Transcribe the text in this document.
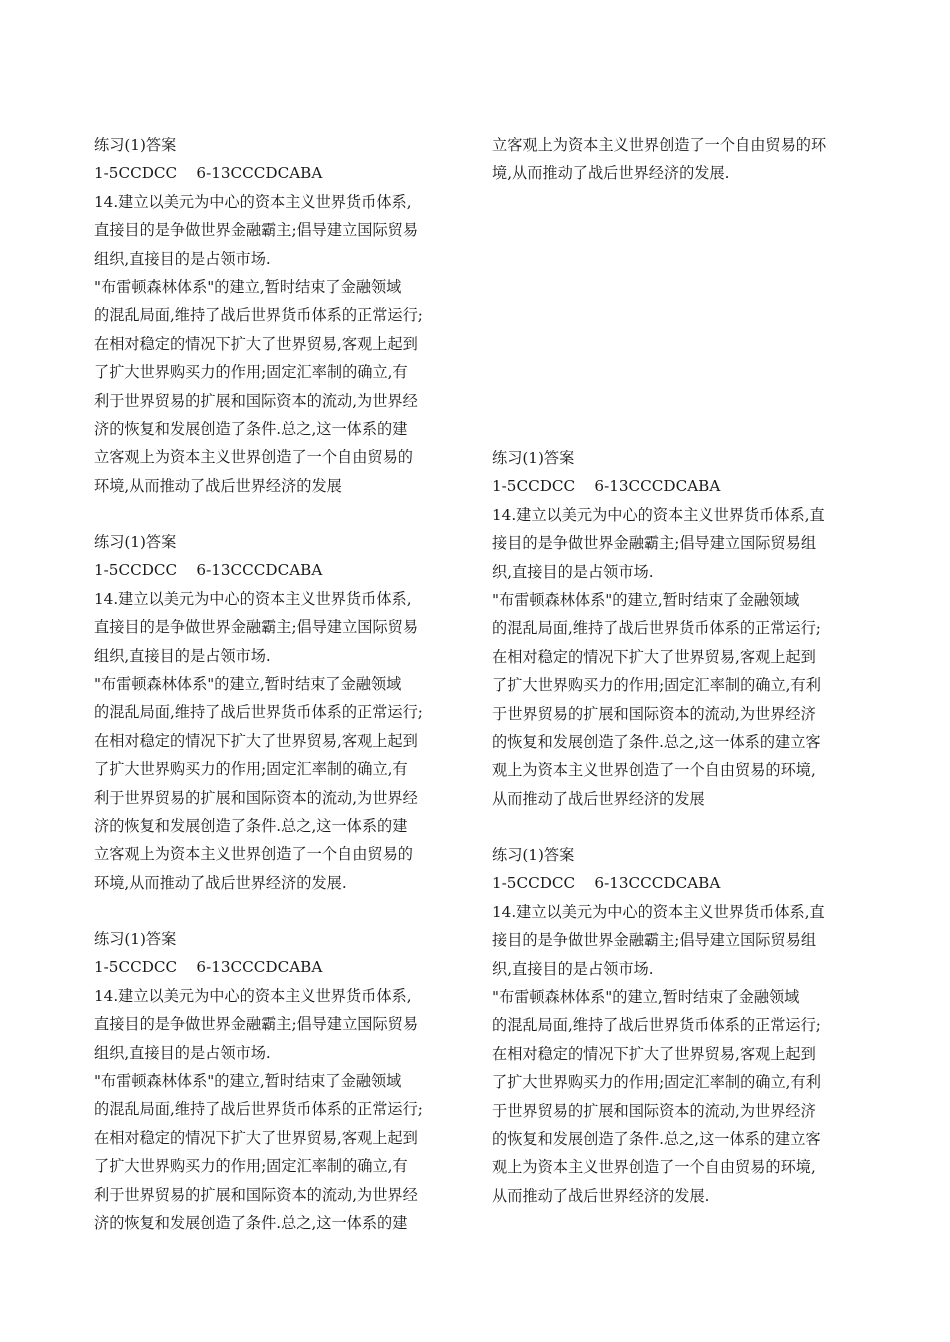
练习(1)答案
1-5CCDCC    6-13CCCDCABA
14.建立以美元为中心的资本主义世界货币体系,
直接目的是争做世界金融霸主;倡导建立国际贸易
组织,直接目的是占领市场.
"布雷顿森林体系"的建立,暂时结束了金融领域
的混乱局面,维持了战后世界货币体系的正常运行;
在相对稳定的情况下扩大了世界贸易,客观上起到
了扩大世界购买力的作用;固定汇率制的确立,有
利于世界贸易的扩展和国际资本的流动,为世界经
济的恢复和发展创造了条件.总之,这一体系的建
立客观上为资本主义世界创造了一个自由贸易的
环境,从而推动了战后世界经济的发展
练习(1)答案
1-5CCDCC    6-13CCCDCABA
14.建立以美元为中心的资本主义世界货币体系,
直接目的是争做世界金融霸主;倡导建立国际贸易
组织,直接目的是占领市场.
"布雷顿森林体系"的建立,暂时结束了金融领域
的混乱局面,维持了战后世界货币体系的正常运行;
在相对稳定的情况下扩大了世界贸易,客观上起到
了扩大世界购买力的作用;固定汇率制的确立,有
利于世界贸易的扩展和国际资本的流动,为世界经
济的恢复和发展创造了条件.总之,这一体系的建
立客观上为资本主义世界创造了一个自由贸易的
环境,从而推动了战后世界经济的发展.
练习(1)答案
1-5CCDCC    6-13CCCDCABA
14.建立以美元为中心的资本主义世界货币体系,
直接目的是争做世界金融霸主;倡导建立国际贸易
组织,直接目的是占领市场.
"布雷顿森林体系"的建立,暂时结束了金融领域
的混乱局面,维持了战后世界货币体系的正常运行;
在相对稳定的情况下扩大了世界贸易,客观上起到
了扩大世界购买力的作用;固定汇率制的确立,有
利于世界贸易的扩展和国际资本的流动,为世界经
济的恢复和发展创造了条件.总之,这一体系的建
立客观上为资本主义世界创造了一个自由贸易的环
境,从而推动了战后世界经济的发展.
练习(1)答案
1-5CCDCC    6-13CCCDCABA
14.建立以美元为中心的资本主义世界货币体系,直
接目的是争做世界金融霸主;倡导建立国际贸易组
织,直接目的是占领市场.
"布雷顿森林体系"的建立,暂时结束了金融领域
的混乱局面,维持了战后世界货币体系的正常运行;
在相对稳定的情况下扩大了世界贸易,客观上起到
了扩大世界购买力的作用;固定汇率制的确立,有利
于世界贸易的扩展和国际资本的流动,为世界经济
的恢复和发展创造了条件.总之,这一体系的建立客
观上为资本主义世界创造了一个自由贸易的环境,
从而推动了战后世界经济的发展
练习(1)答案
1-5CCDCC    6-13CCCDCABA
14.建立以美元为中心的资本主义世界货币体系,直
接目的是争做世界金融霸主;倡导建立国际贸易组
织,直接目的是占领市场.
"布雷顿森林体系"的建立,暂时结束了金融领域
的混乱局面,维持了战后世界货币体系的正常运行;
在相对稳定的情况下扩大了世界贸易,客观上起到
了扩大世界购买力的作用;固定汇率制的确立,有利
于世界贸易的扩展和国际资本的流动,为世界经济
的恢复和发展创造了条件.总之,这一体系的建立客
观上为资本主义世界创造了一个自由贸易的环境,
从而推动了战后世界经济的发展.
